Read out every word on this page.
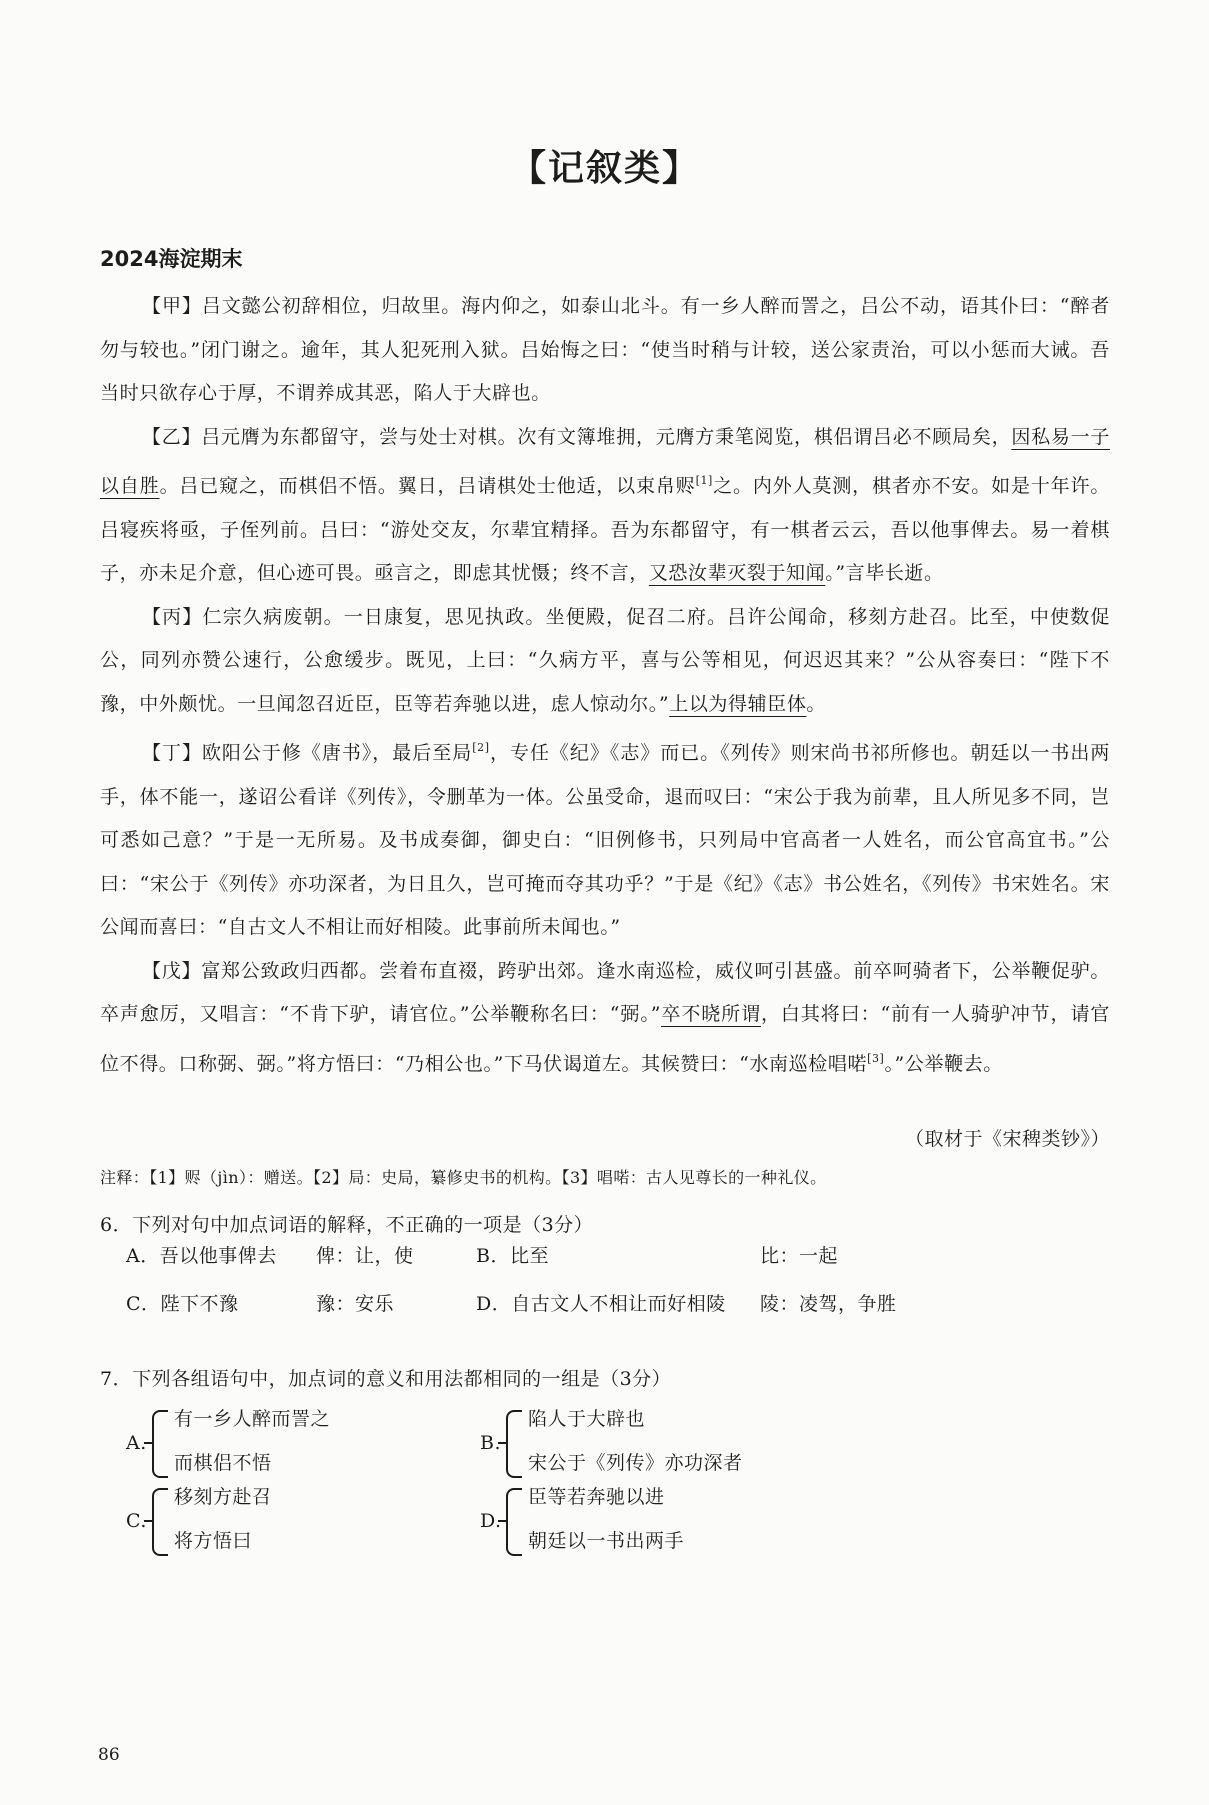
【记叙类】
2024海淀期末

【甲】吕文懿公初辞相位，归故里。海内仰之，如泰山北斗。有一乡人醉而詈之，吕公不动，语其仆曰：“醉者勿与较也。”闭门谢之。逾年，其人犯死刑入狱。吕始悔之曰：“使当时稍与计较，送公家责治，可以小惩而大诫。吾当时只欲存心于厚，不谓养成其恶，陷人于大辟也。

【乙】吕元膺为东都留守，尝与处士对棋。次有文簿堆拥，元膺方秉笔阅览，棋侣谓吕必不顾局矣，因私易一子以自胜。吕已窥之，而棋侣不悟。翼日，吕请棋处士他适，以束帛赆[1]之。内外人莫测，棋者亦不安。如是十年许。吕寝疾将亟，子侄列前。吕曰：“游处交友，尔辈宜精择。吾为东都留守，有一棋者云云，吾以他事俾去。易一着棋子，亦未足介意，但心迹可畏。亟言之，即虑其忧慑；终不言，又恐汝辈灭裂于知闻。”言毕长逝。

【丙】仁宗久病废朝。一日康复，思见执政。坐便殿，促召二府。吕许公闻命，移刻方赴召。比至，中使数促公，同列亦赞公速行，公愈缓步。既见，上曰：“久病方平，喜与公等相见，何迟迟其来？”公从容奏曰：“陛下不豫，中外颇忧。一旦闻忽召近臣，臣等若奔驰以进，虑人惊动尔。”上以为得辅臣体。

【丁】欧阳公于修《唐书》，最后至局[2]，专任《纪》《志》而已。《列传》则宋尚书祁所修也。朝廷以一书出两手，体不能一，遂诏公看详《列传》，令删革为一体。公虽受命，退而叹曰：“宋公于我为前辈，且人所见多不同，岂可悉如己意？”于是一无所易。及书成奏御，御史白：“旧例修书，只列局中官高者一人姓名，而公官高宜书。”公曰：“宋公于《列传》亦功深者，为日且久，岂可掩而夺其功乎？”于是《纪》《志》书公姓名，《列传》书宋姓名。宋公闻而喜曰：“自古文人不相让而好相陵。此事前所未闻也。”

【戊】富郑公致政归西都。尝着布直裰，跨驴出郊。逢水南巡检，威仪呵引甚盛。前卒呵骑者下，公举鞭促驴。卒声愈厉，又唱言：“不肯下驴，请官位。”公举鞭称名曰：“弼。”卒不晓所谓，白其将曰：“前有一人骑驴冲节，请官位不得。口称弼、弼。”将方悟曰：“乃相公也。”下马伏谒道左。其候赞曰：“水南巡检唱喏[3]。”公举鞭去。

（取材于《宋稗类钞》）
注释：【1】赆（jìn）：赠送。【2】局：史局，纂修史书的机构。【3】唱喏：古人见尊长的一种礼仪。
6．下列对句中加点词语的解释，不正确的一项是（3分）
A．吾以他事俾去 俾：让，使	B．比至	比：一起
C．陛下不豫	豫：安乐	D．自古文人不相让而好相陵 陵：凌驾，争胜
7．下列各组语句中，加点词的意义和用法都相同的一组是（3分）
A.
有一乡人醉而詈之
而棋侣不悟
B.
陷人于大辟也
宋公于《列传》亦功深者
C.
移刻方赴召
将方悟曰
D.
臣等若奔驰以进
朝廷以一书出两手
86
